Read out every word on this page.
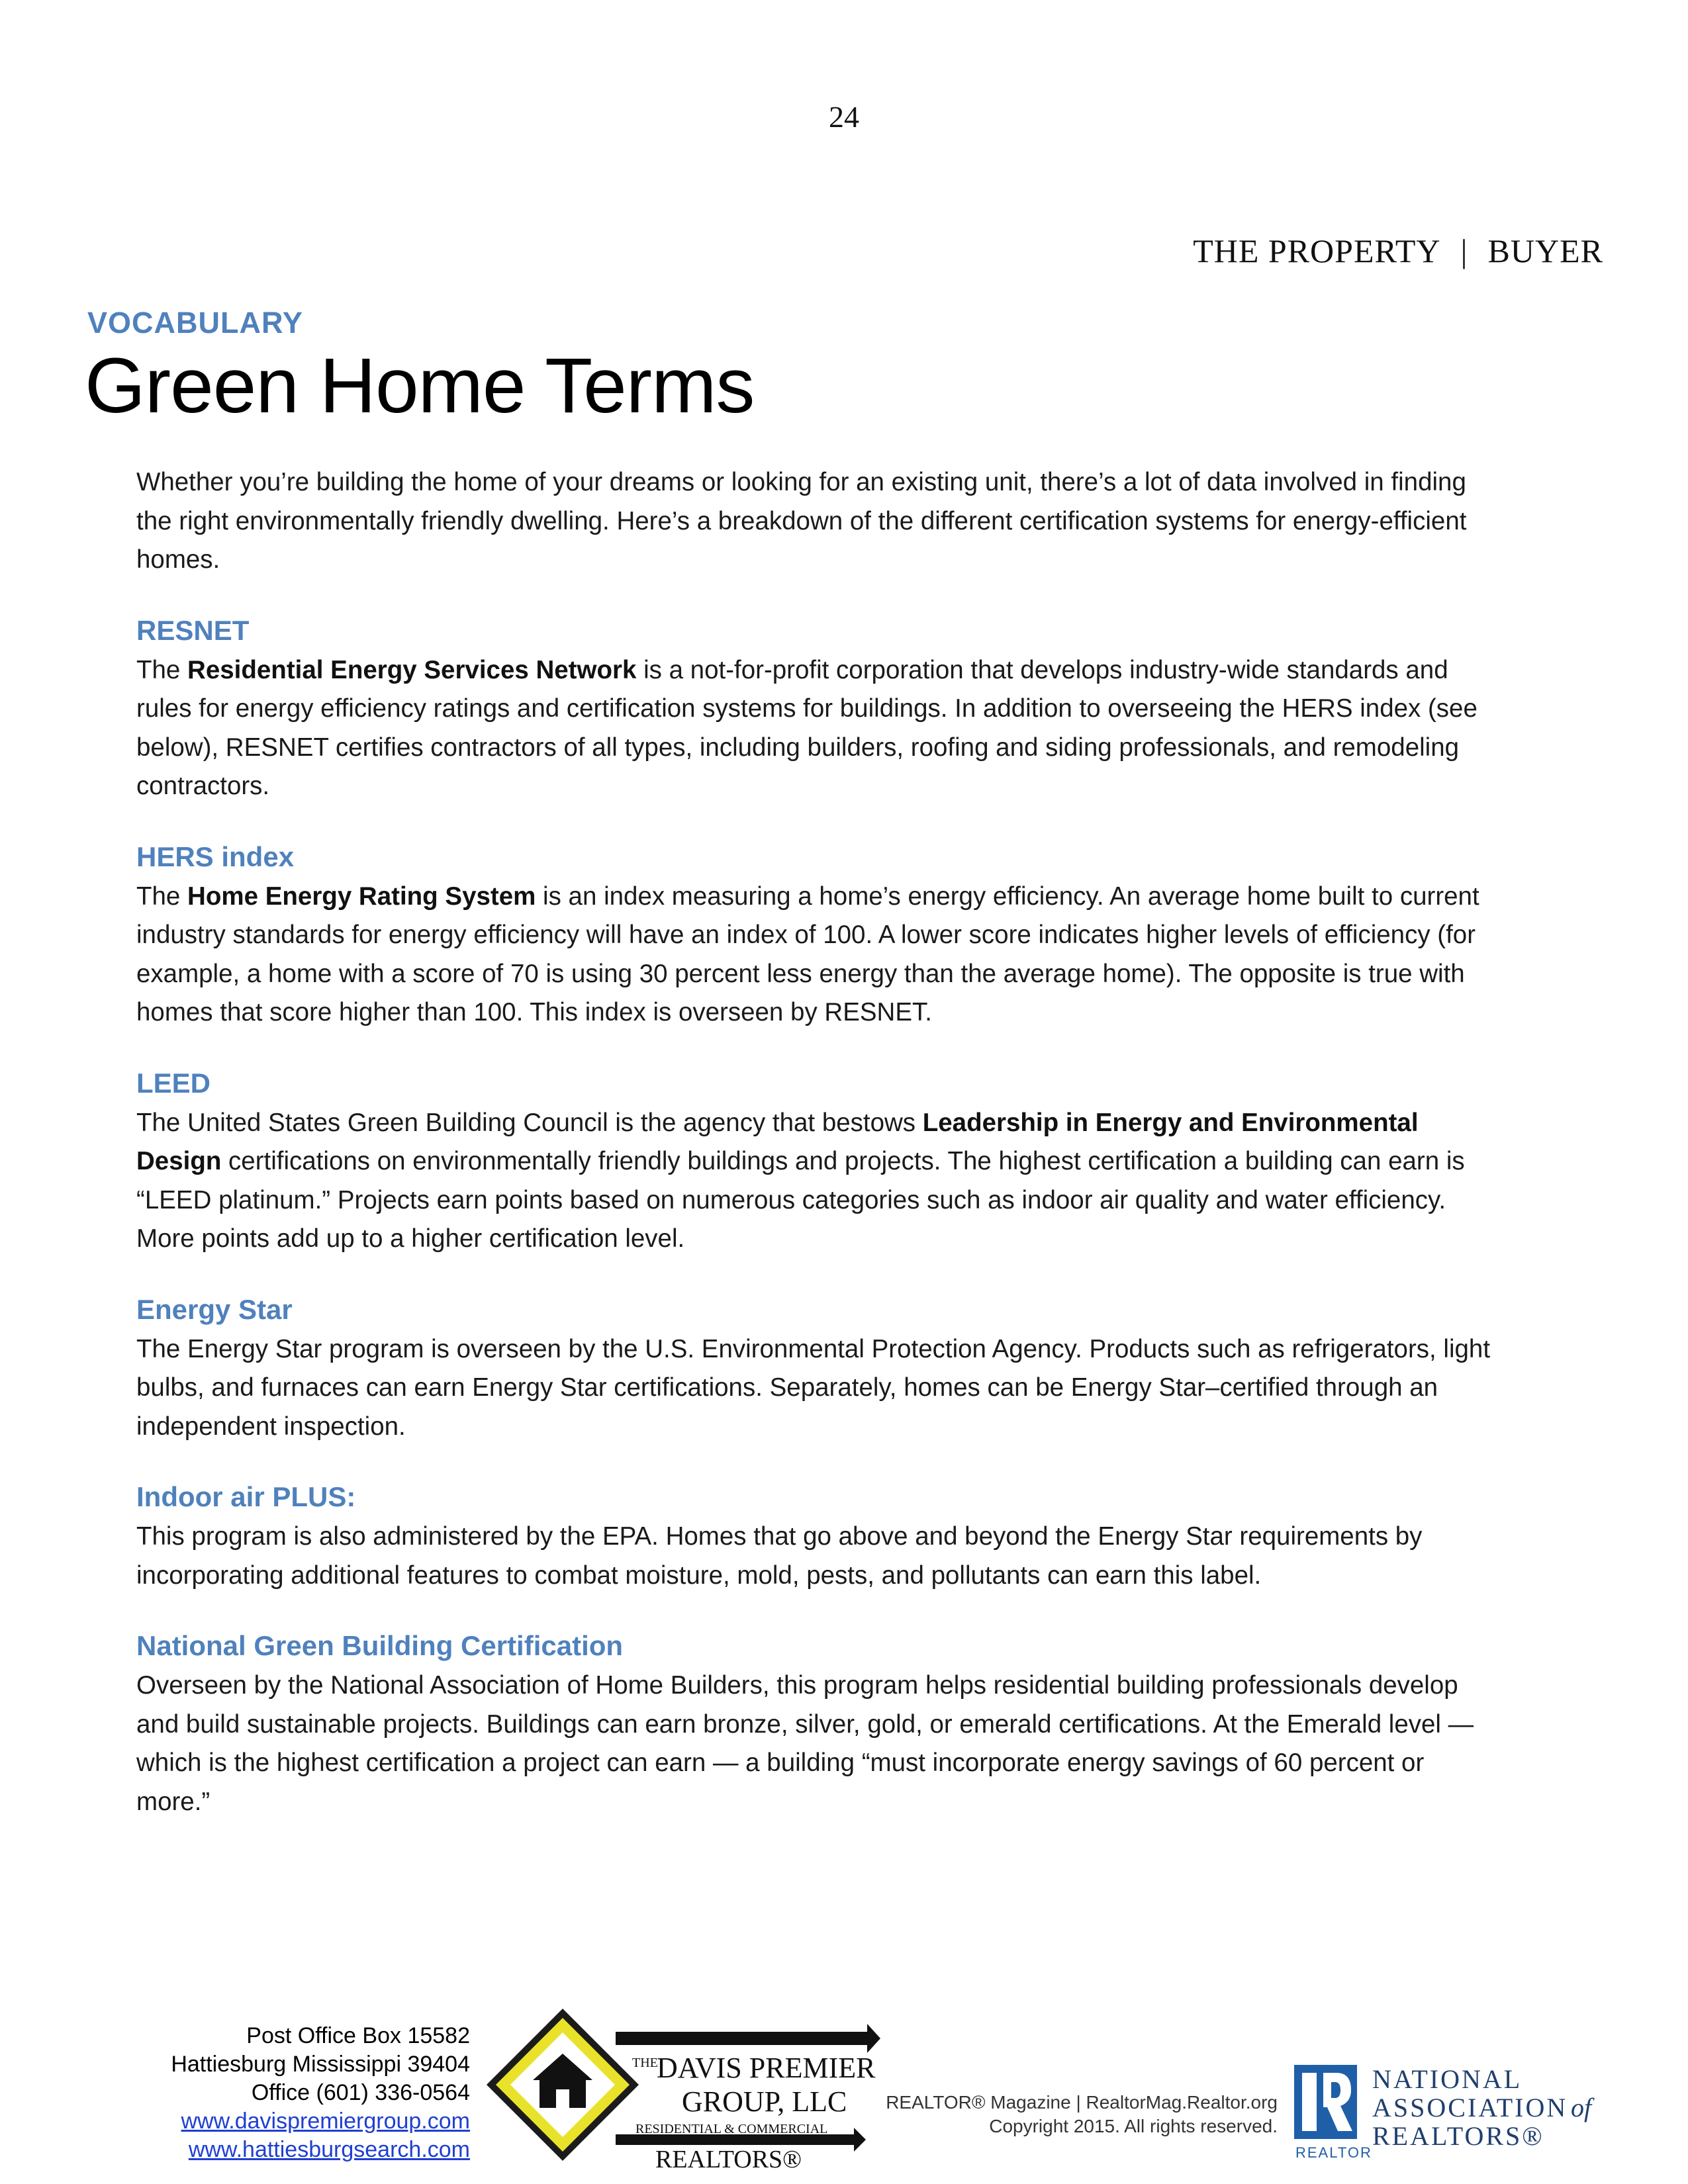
24
THE PROPERTY | BUYER
VOCABULARY
Green Home Terms

Whether you’re building the home of your dreams or looking for an existing unit, there’s a lot of data involved in finding the right environmentally friendly dwelling. Here’s a breakdown of the different certification systems for energy-efficient homes.

RESNET

The Residential Energy Services Network is a not-for-profit corporation that develops industry-wide standards and rules for energy efficiency ratings and certification systems for buildings. In addition to overseeing the HERS index (see below), RESNET certifies contractors of all types, including builders, roofing and siding professionals, and remodeling contractors.

HERS index

The Home Energy Rating System is an index measuring a home’s energy efficiency. An average home built to current industry standards for energy efficiency will have an index of 100. A lower score indicates higher levels of efficiency (for example, a home with a score of 70 is using 30 percent less energy than the average home). The opposite is true with homes that score higher than 100. This index is overseen by RESNET.

LEED

The United States Green Building Council is the agency that bestows Leadership in Energy and Environmental Design certifications on environmentally friendly buildings and projects. The highest certification a building can earn is “LEED platinum.” Projects earn points based on numerous categories such as indoor air quality and water efficiency. More points add up to a higher certification level.

Energy Star

The Energy Star program is overseen by the U.S. Environmental Protection Agency. Products such as refrigerators, light bulbs, and furnaces can earn Energy Star certifications. Separately, homes can be Energy Star–certified through an independent inspection.

Indoor air PLUS:

This program is also administered by the EPA. Homes that go above and beyond the Energy Star requirements by incorporating additional features to combat moisture, mold, pests, and pollutants can earn this label.

National Green Building Certification

Overseen by the National Association of Home Builders, this program helps residential building professionals develop and build sustainable projects. Buildings can earn bronze, silver, gold, or emerald certifications. At the Emerald level — which is the highest certification a project can earn — a building “must incorporate energy savings of 60 percent or more.”

Post Office Box 15582
Hattiesburg Mississippi 39404
Office (601) 336-0564
www.davispremiergroup.com
www.hattiesburgsearch.com
THE
DAVIS PREMIER
GROUP, LLC
RESIDENTIAL & COMMERCIAL
REALTORS®
REALTOR® Magazine | RealtorMag.Realtor.org
Copyright 2015. All rights reserved.
REALTOR
NATIONAL
ASSOCIATION of
REALTORS®
